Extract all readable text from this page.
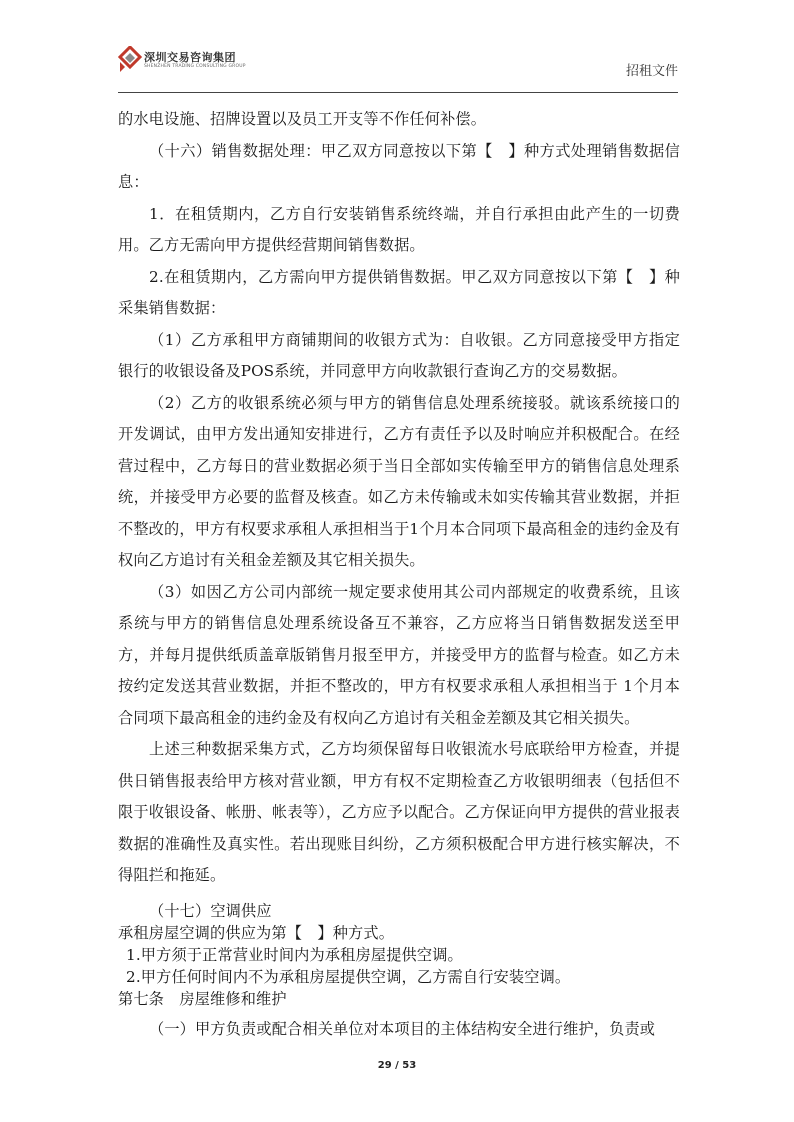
深圳交易咨询集团
SHENZHEN TRADING CONSULTING GROUP	招租文件

的水电设施、招牌设置以及员工开支等不作任何补偿。

（十六）销售数据处理：甲乙双方同意按以下第【　】种方式处理销售数据信息：

1．在租赁期内，乙方自行安装销售系统终端，并自行承担由此产生的一切费用。乙方无需向甲方提供经营期间销售数据。

2.在租赁期内，乙方需向甲方提供销售数据。甲乙双方同意按以下第【　】种采集销售数据：

（1）乙方承租甲方商铺期间的收银方式为：自收银。乙方同意接受甲方指定银行的收银设备及POS系统，并同意甲方向收款银行查询乙方的交易数据。

（2）乙方的收银系统必须与甲方的销售信息处理系统接驳。就该系统接口的开发调试，由甲方发出通知安排进行，乙方有责任予以及时响应并积极配合。在经营过程中，乙方每日的营业数据必须于当日全部如实传输至甲方的销售信息处理系统，并接受甲方必要的监督及核查。如乙方未传输或未如实传输其营业数据，并拒不整改的，甲方有权要求承租人承担相当于1个月本合同项下最高租金的违约金及有权向乙方追讨有关租金差额及其它相关损失。

（3）如因乙方公司内部统一规定要求使用其公司内部规定的收费系统，且该系统与甲方的销售信息处理系统设备互不兼容，乙方应将当日销售数据发送至甲方，并每月提供纸质盖章版销售月报至甲方，并接受甲方的监督与检查。如乙方未按约定发送其营业数据，并拒不整改的，甲方有权要求承租人承担相当于 1个月本合同项下最高租金的违约金及有权向乙方追讨有关租金差额及其它相关损失。

上述三种数据采集方式，乙方均须保留每日收银流水号底联给甲方检查，并提供日销售报表给甲方核对营业额，甲方有权不定期检查乙方收银明细表（包括但不限于收银设备、帐册、帐表等），乙方应予以配合。乙方保证向甲方提供的营业报表数据的准确性及真实性。若出现账目纠纷，乙方须积极配合甲方进行核实解决，不得阻拦和拖延。

（十七）空调供应

承租房屋空调的供应为第【　】种方式。

1.甲方须于正常营业时间内为承租房屋提供空调。

2.甲方任何时间内不为承租房屋提供空调，乙方需自行安装空调。

第七条　房屋维修和维护

（一）甲方负责或配合相关单位对本项目的主体结构安全进行维护，负责或

29 / 53
